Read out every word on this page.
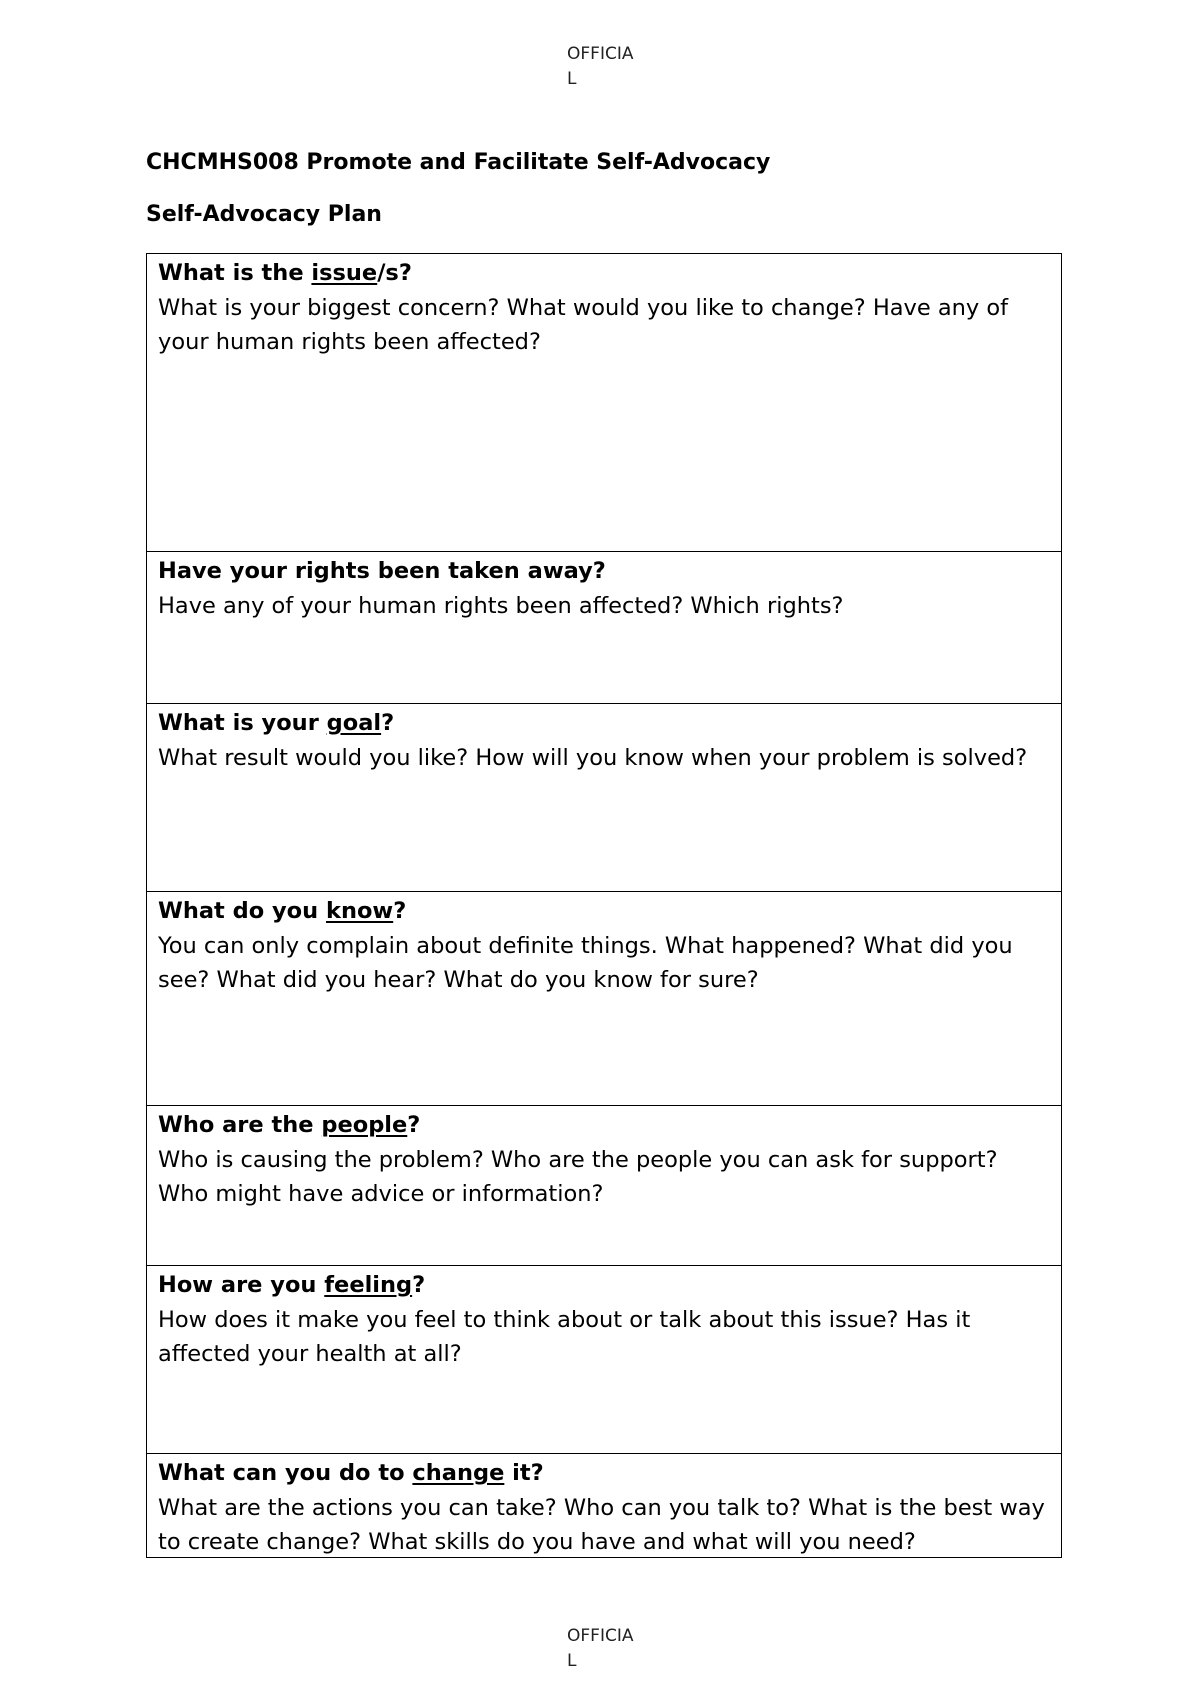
OFFICIA
L
CHCMHS008 Promote and Facilitate Self-Advocacy
Self-Advocacy Plan
What is the issue/s?
What is your biggest concern? What would you like to change? Have any of your human rights been affected?
Have your rights been taken away?
Have any of your human rights been affected? Which rights?
What is your goal?
What result would you like? How will you know when your problem is solved?
What do you know?
You can only complain about definite things. What happened? What did you see? What did you hear? What do you know for sure?
Who are the people?
Who is causing the problem? Who are the people you can ask for support? Who might have advice or information?
How are you feeling?
How does it make you feel to think about or talk about this issue? Has it affected your health at all?
What can you do to change it?
What are the actions you can take? Who can you talk to? What is the best way to create change? What skills do you have and what will you need?
OFFICIA
L
